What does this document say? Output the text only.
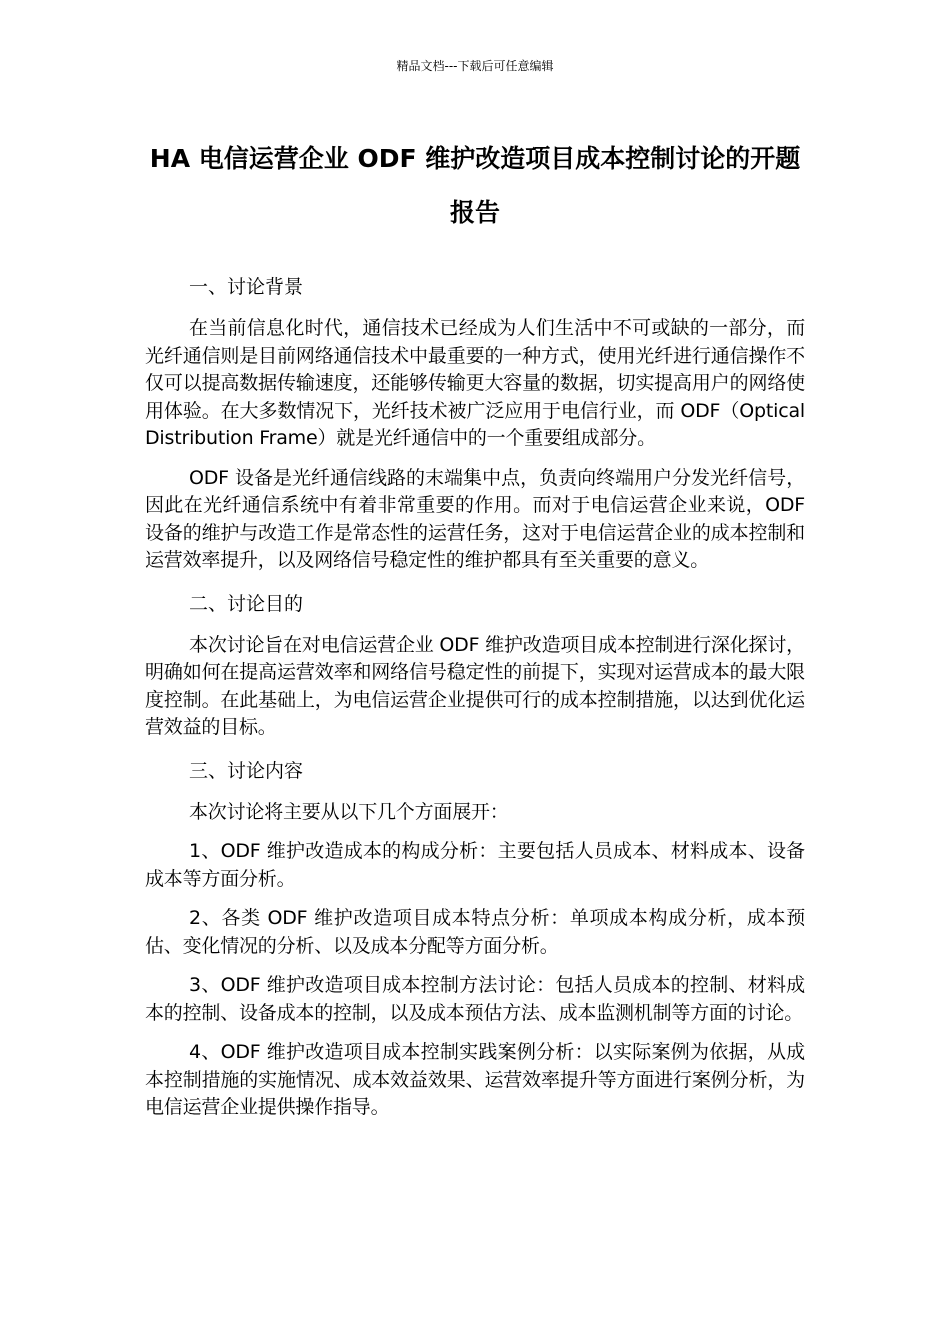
精品文档---下载后可任意编辑
HA 电信运营企业 ODF 维护改造项目成本控制讨论的开题报告
一、讨论背景

在当前信息化时代，通信技术已经成为人们生活中不可或缺的一部分，而光纤通信则是目前网络通信技术中最重要的一种方式，使用光纤进行通信操作不仅可以提高数据传输速度，还能够传输更大容量的数据，切实提高用户的网络使用体验。在大多数情况下，光纤技术被广泛应用于电信行业，而 ODF（Optical Distribution Frame）就是光纤通信中的一个重要组成部分。

ODF 设备是光纤通信线路的末端集中点，负责向终端用户分发光纤信号，因此在光纤通信系统中有着非常重要的作用。而对于电信运营企业来说，ODF 设备的维护与改造工作是常态性的运营任务，这对于电信运营企业的成本控制和运营效率提升，以及网络信号稳定性的维护都具有至关重要的意义。

二、讨论目的

本次讨论旨在对电信运营企业 ODF 维护改造项目成本控制进行深化探讨，明确如何在提高运营效率和网络信号稳定性的前提下，实现对运营成本的最大限度控制。在此基础上，为电信运营企业提供可行的成本控制措施，以达到优化运营效益的目标。

三、讨论内容

本次讨论将主要从以下几个方面展开：

1、ODF 维护改造成本的构成分析：主要包括人员成本、材料成本、设备成本等方面分析。

2、各类 ODF 维护改造项目成本特点分析：单项成本构成分析，成本预估、变化情况的分析、以及成本分配等方面分析。

3、ODF 维护改造项目成本控制方法讨论：包括人员成本的控制、材料成本的控制、设备成本的控制，以及成本预估方法、成本监测机制等方面的讨论。

4、ODF 维护改造项目成本控制实践案例分析：以实际案例为依据，从成本控制措施的实施情况、成本效益效果、运营效率提升等方面进行案例分析，为电信运营企业提供操作指导。
